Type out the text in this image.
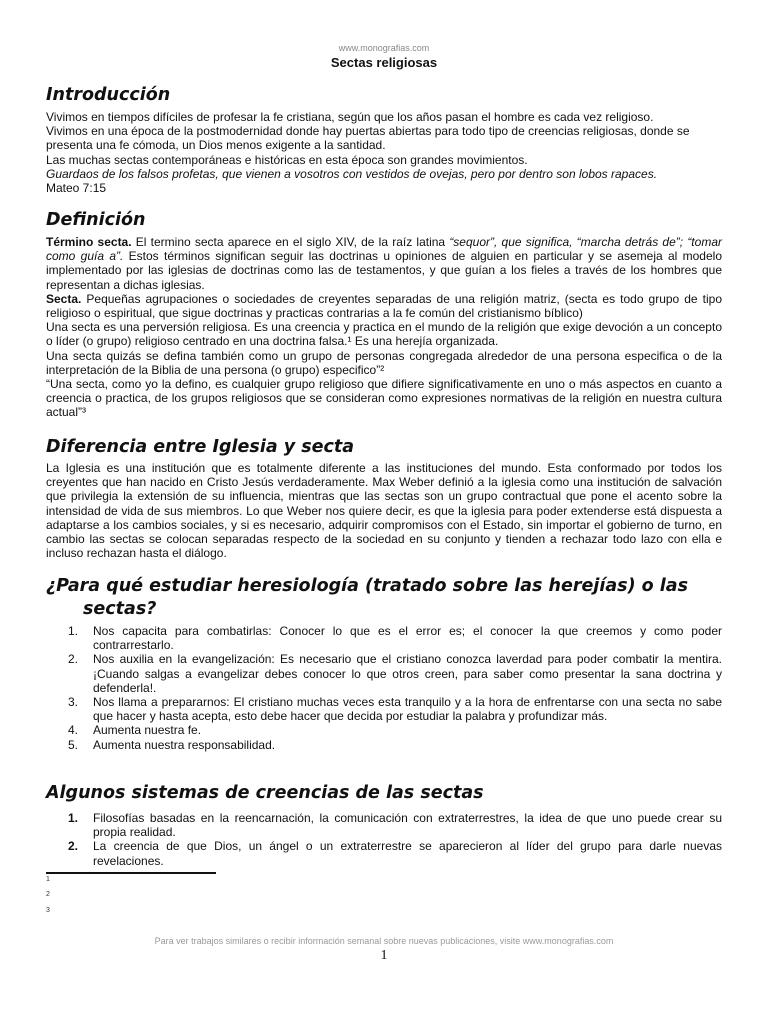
www.monografias.com
Sectas religiosas
Introducción

Vivimos en tiempos difíciles de profesar la fe cristiana, según que los años pasan el hombre es cada vez religioso.

Vivimos en una época de la postmodernidad donde hay puertas abiertas para todo tipo de creencias religiosas, donde se presenta una fe cómoda, un Dios menos exigente a la santidad.

Las muchas sectas contemporáneas e históricas en esta época son grandes movimientos.

Guardaos de los falsos profetas, que vienen a vosotros con vestidos de ovejas, pero por dentro son lobos rapaces.

Mateo 7:15

Definición

Término secta. El termino secta aparece en el siglo XIV, de la raíz latina “sequor”, que significa, “marcha detrás de”; “tomar como guía a”. Estos términos significan seguir las doctrinas u opiniones de alguien en particular y se asemeja al modelo implementado por las iglesias de doctrinas como las de testamentos, y que guían a los fieles a través de los hombres que representan a dichas iglesias.

Secta. Pequeñas agrupaciones o sociedades de creyentes separadas de una religión matriz, (secta es todo grupo de tipo religioso o espiritual, que sigue doctrinas y practicas contrarias a la fe común del cristianismo bíblico)

Una secta es una perversión religiosa. Es una creencia y practica en el mundo de la religión que exige devoción a un concepto o líder (o grupo) religioso centrado en una doctrina falsa.¹ Es una herejía organizada.

Una secta quizás se defina también como un grupo de personas congregada alrededor de una persona especifica o de la interpretación de la Biblia de una persona (o grupo) especifico”²

“Una secta, como yo la defino, es cualquier grupo religioso que difiere significativamente en uno o más aspectos en cuanto a creencia o practica, de los grupos religiosos que se consideran como expresiones normativas de la religión en nuestra cultura actual”³

Diferencia entre Iglesia y secta

La Iglesia es una institución que es totalmente diferente a las instituciones del mundo. Esta conformado por todos los creyentes que han nacido en Cristo Jesús verdaderamente. Max Weber definió a la iglesia como una institución de salvación que privilegia la extensión de su influencia, mientras que las sectas son un grupo contractual que pone el acento sobre la intensidad de vida de sus miembros. Lo que Weber nos quiere decir, es que la iglesia para poder extenderse está dispuesta a adaptarse a los cambios sociales, y si es necesario, adquirir compromisos con el Estado, sin importar el gobierno de turno, en cambio las sectas se colocan separadas respecto de la sociedad en su conjunto y tienden a rechazar todo lazo con ella e incluso rechazan hasta el diálogo.

¿Para qué estudiar heresiología (tratado sobre las herejías) o las
sectas?
1. Nos capacita para combatirlas: Conocer lo que es el error es; el conocer la que creemos y como poder contrarrestarlo.
2. Nos auxilia en la evangelización: Es necesario que el cristiano conozca laverdad para poder combatir la mentira. ¡Cuando salgas a evangelizar debes conocer lo que otros creen, para saber como presentar la sana doctrina y defenderla!.
3. Nos llama a prepararnos: El cristiano muchas veces esta tranquilo y a la hora de enfrentarse con una secta no sabe que hacer y hasta acepta, esto debe hacer que decida por estudiar la palabra y profundizar más.
4. Aumenta nuestra fe.
5. Aumenta nuestra responsabilidad.
Algunos sistemas de creencias de las sectas
1. Filosofías basadas en la reencarnación, la comunicación con extraterrestres, la idea de que uno puede crear su propia realidad.
2. La creencia de que Dios, un ángel o un extraterrestre se aparecieron al líder del grupo para darle nuevas revelaciones.
1
2
3
Para ver trabajos similares o recibir información semanal sobre nuevas publicaciones, visite www.monografias.com
1
